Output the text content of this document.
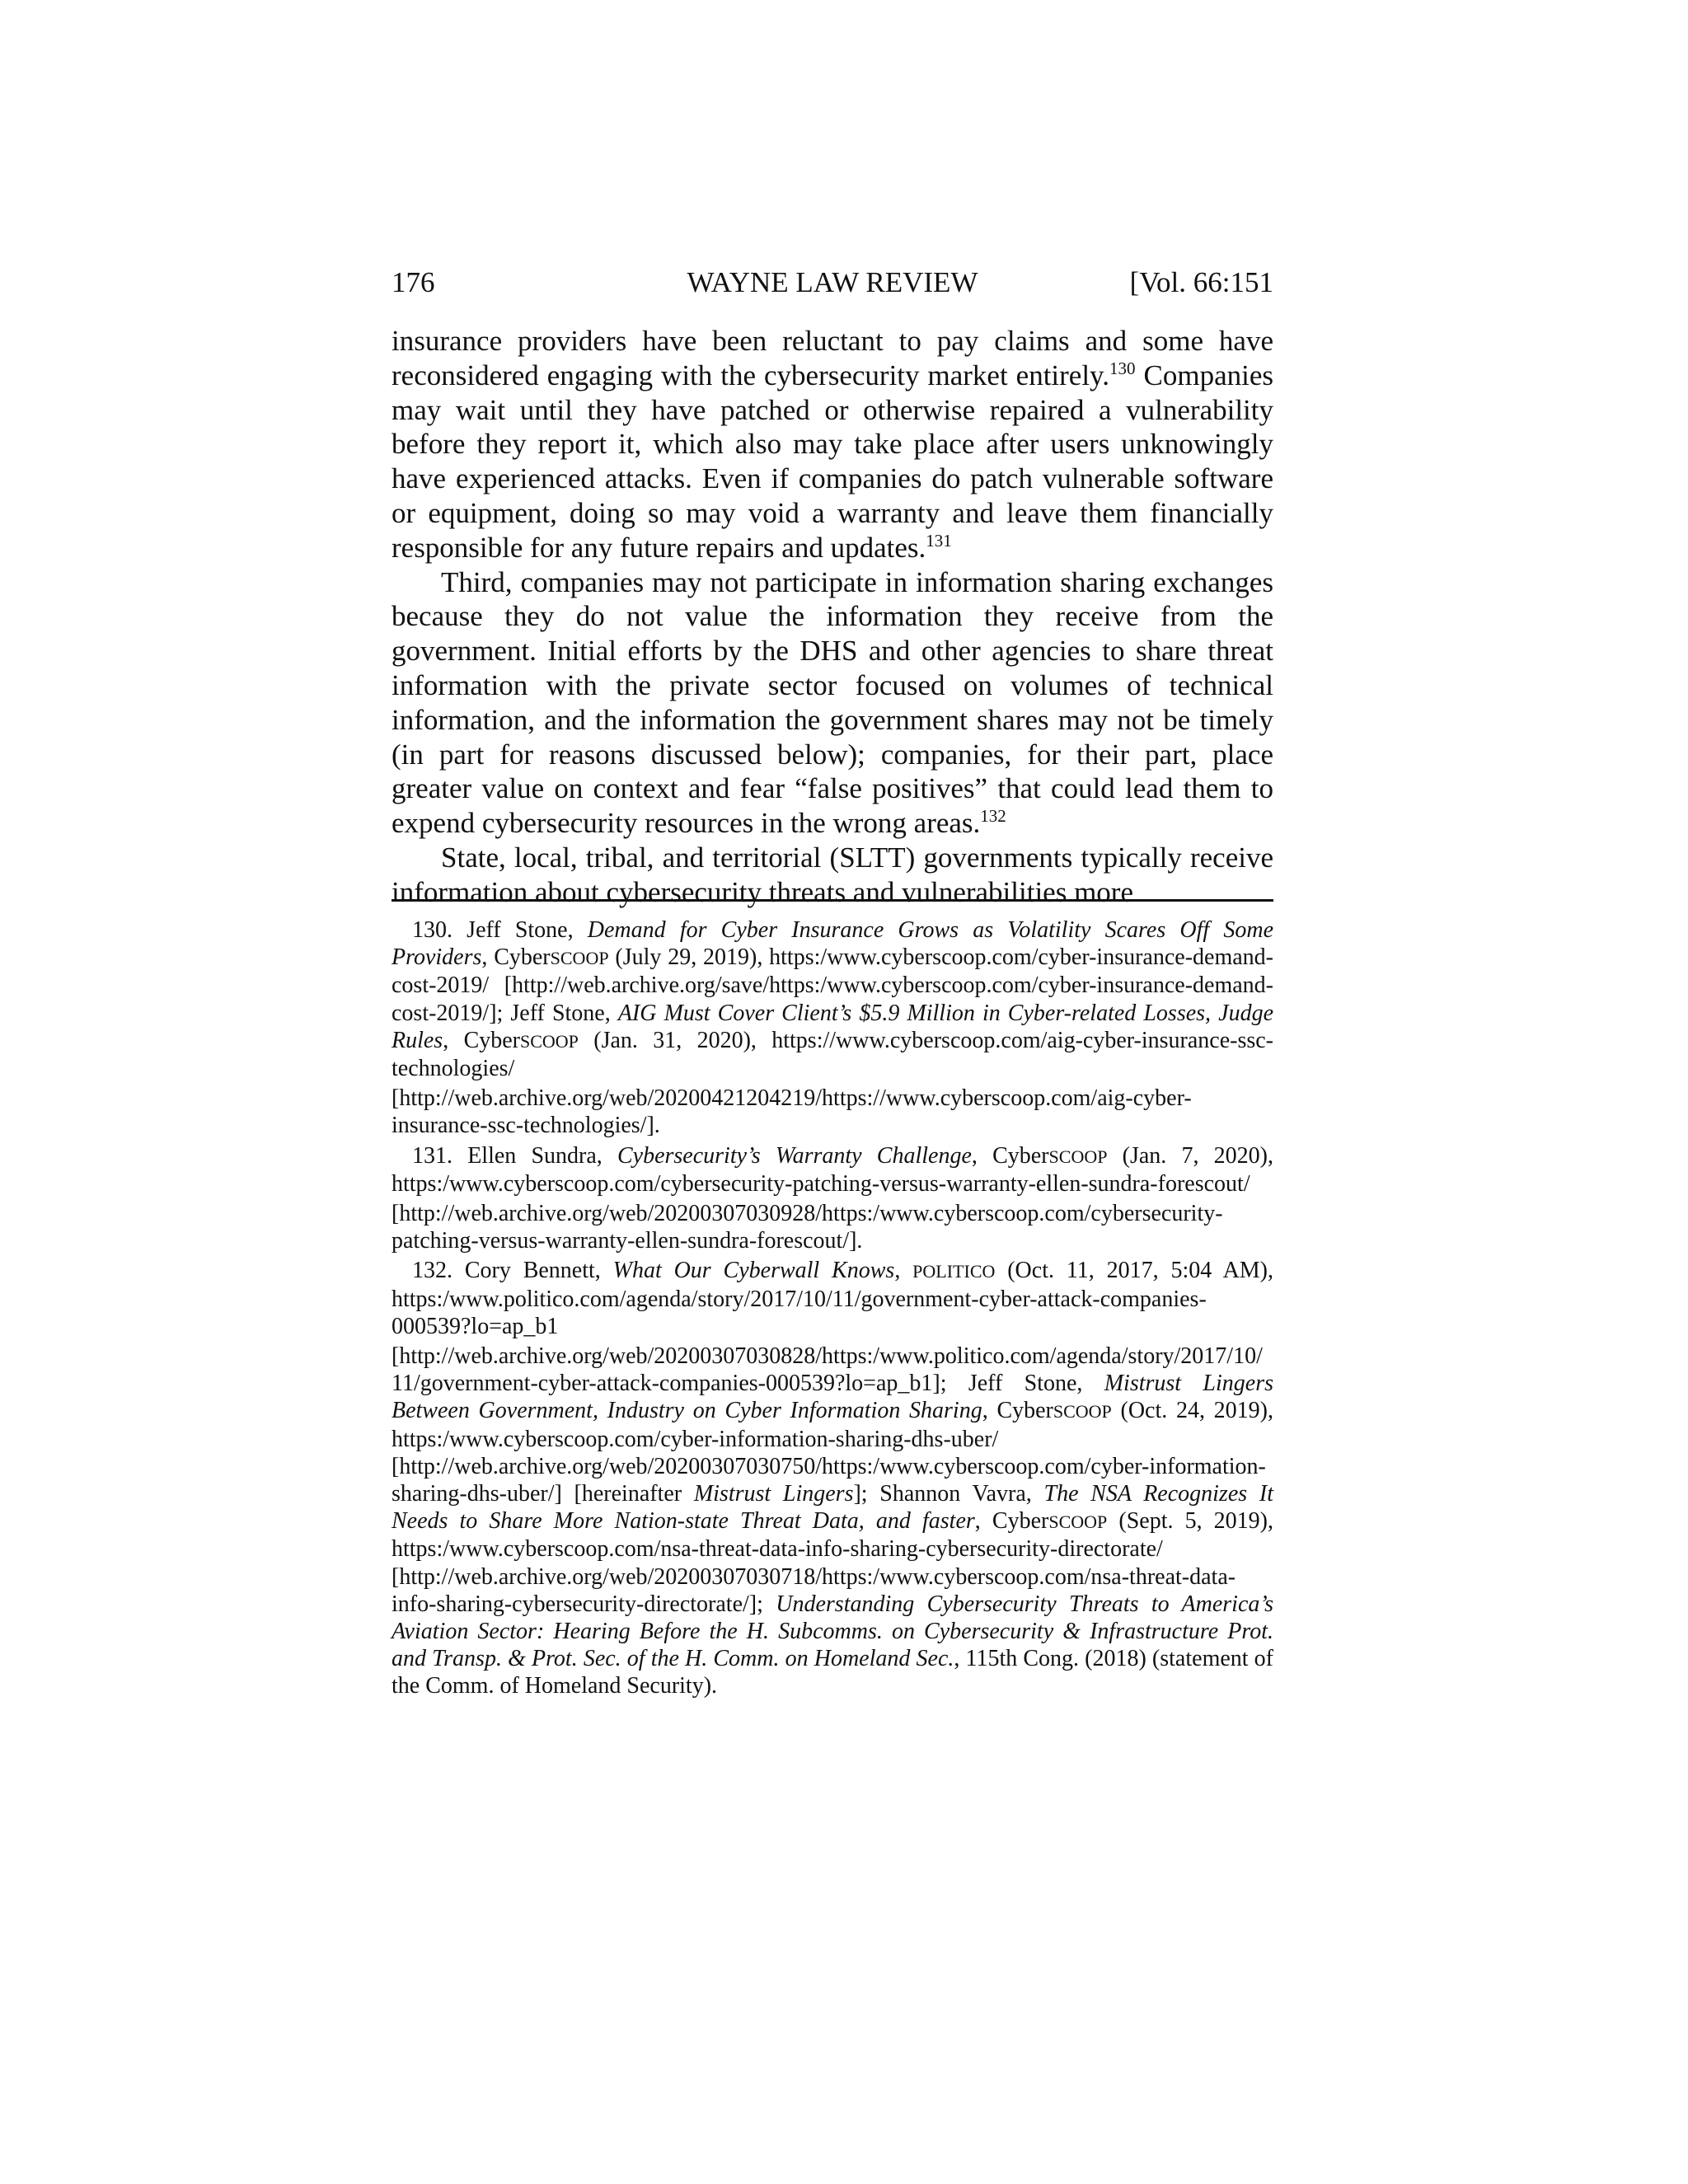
176	WAYNE LAW REVIEW	[Vol. 66:151

insurance providers have been reluctant to pay claims and some have reconsidered engaging with the cybersecurity market entirely.$^{130}$ Companies may wait until they have patched or otherwise repaired a vulnerability before they report it, which also may take place after users unknowingly have experienced attacks. Even if companies do patch vulnerable software or equipment, doing so may void a warranty and leave them financially responsible for any future repairs and updates.$^{131}$

Third, companies may not participate in information sharing exchanges because they do not value the information they receive from the government. Initial efforts by the DHS and other agencies to share threat information with the private sector focused on volumes of technical information, and the information the government shares may not be timely (in part for reasons discussed below); companies, for their part, place greater value on context and fear “false positives” that could lead them to expend cybersecurity resources in the wrong areas.$^{132}$

State, local, tribal, and territorial (SLTT) governments typically receive information about cybersecurity threats and vulnerabilities more

130. Jeff Stone, Demand for Cyber Insurance Grows as Volatility Scares Off Some Providers, CyberSCOOP (July 29, 2019), https:/www.cyberscoop.com/cyber-insurance-demand-cost-2019/ [http://web.archive.org/save/https:/www.cyberscoop.com/cyber-insurance-demand-cost-2019/]; Jeff Stone, AIG Must Cover Client’s $5.9 Million in Cyber-related Losses, Judge Rules, CyberSCOOP (Jan. 31, 2020), https://www.cyberscoop.com/aig-cyber-insurance-ssc-technologies/

[http://web.archive.org/web/20200421204219/https://www.cyberscoop.com/aig-cyber-insurance-ssc-technologies/].

131. Ellen Sundra, Cybersecurity’s Warranty Challenge, CyberSCOOP (Jan. 7, 2020), https:/www.cyberscoop.com/cybersecurity-patching-versus-warranty-ellen-sundra-forescout/

[http://web.archive.org/web/20200307030928/https:/www.cyberscoop.com/cybersecurity-patching-versus-warranty-ellen-sundra-forescout/].

132. Cory Bennett, What Our Cyberwall Knows, POLITICO (Oct. 11, 2017, 5:04 AM), https:/www.politico.com/agenda/story/2017/10/11/government-cyber-attack-companies-000539?lo=ap_b1

[http://web.archive.org/web/20200307030828/https:/www.politico.com/agenda/story/2017/10/11/government-cyber-attack-companies-000539?lo=ap_b1]; Jeff Stone, Mistrust Lingers Between Government, Industry on Cyber Information Sharing, CyberSCOOP (Oct. 24, 2019), https:/www.cyberscoop.com/cyber-information-sharing-dhs-uber/ [http://web.archive.org/web/20200307030750/https:/www.cyberscoop.com/cyber-information-sharing-dhs-uber/] [hereinafter Mistrust Lingers]; Shannon Vavra, The NSA Recognizes It Needs to Share More Nation-state Threat Data, and faster, CyberSCOOP (Sept. 5, 2019), https:/www.cyberscoop.com/nsa-threat-data-info-sharing-cybersecurity-directorate/

[http://web.archive.org/web/20200307030718/https:/www.cyberscoop.com/nsa-threat-data-info-sharing-cybersecurity-directorate/]; Understanding Cybersecurity Threats to America’s Aviation Sector: Hearing Before the H. Subcomms. on Cybersecurity & Infrastructure Prot. and Transp. & Prot. Sec. of the H. Comm. on Homeland Sec., 115th Cong. (2018) (statement of the Comm. of Homeland Security).
